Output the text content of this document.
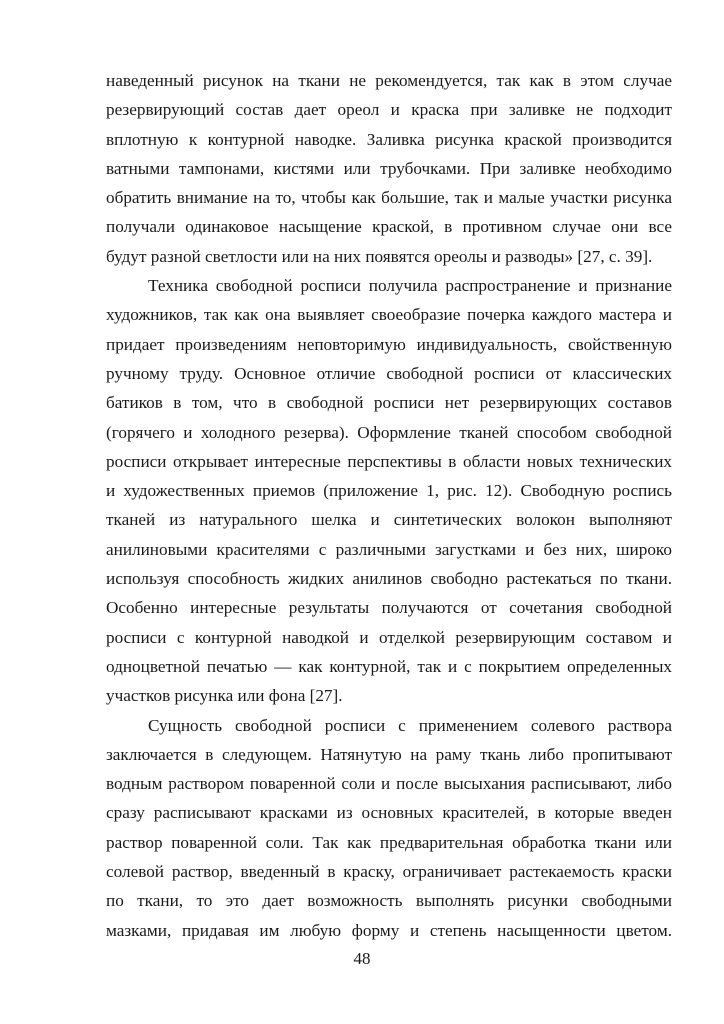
наведенный рисунок на ткани не рекомендуется, так как в этом случае
резервирующий состав дает ореол и краска при заливке не подходит
вплотную к контурной наводке. Заливка рисунка краской производится
ватными тампонами, кистями или трубочками. При заливке необходимо
обратить внимание на то, чтобы как большие, так и малые участки рисунка
получали одинаковое насыщение краской, в противном случае они все
будут разной светлости или на них появятся ореолы и разводы» [27, с. 39].
Техника свободной росписи получила распространение и признание
художников, так как она выявляет своеобразие почерка каждого мастера и
придает произведениям неповторимую индивидуальность, свойственную
ручному труду. Основное отличие свободной росписи от классических
батиков в том, что в свободной росписи нет резервирующих составов
(горячего и холодного резерва). Оформление тканей способом свободной
росписи открывает интересные перспективы в области новых технических
и художественных приемов (приложение 1, рис. 12). Свободную роспись
тканей из натурального шелка и синтетических волокон выполняют
анилиновыми красителями с различными загустками и без них, широко
используя способность жидких анилинов свободно растекаться по ткани.
Особенно интересные результаты получаются от сочетания свободной
росписи с контурной наводкой и отделкой резервирующим составом и
одноцветной печатью — как контурной, так и с покрытием определенных
участков рисунка или фона [27].
Сущность свободной росписи с применением солевого раствора
заключается в следующем. Натянутую на раму ткань либо пропитывают
водным раствором поваренной соли и после высыхания расписывают, либо
сразу расписывают красками из основных красителей, в которые введен
раствор поваренной соли. Так как предварительная обработка ткани или
солевой раствор, введенный в краску, ограничивает растекаемость краски
по ткани, то это дает возможность выполнять рисунки свободными
мазками, придавая им любую форму и степень насыщенности цветом.
48
